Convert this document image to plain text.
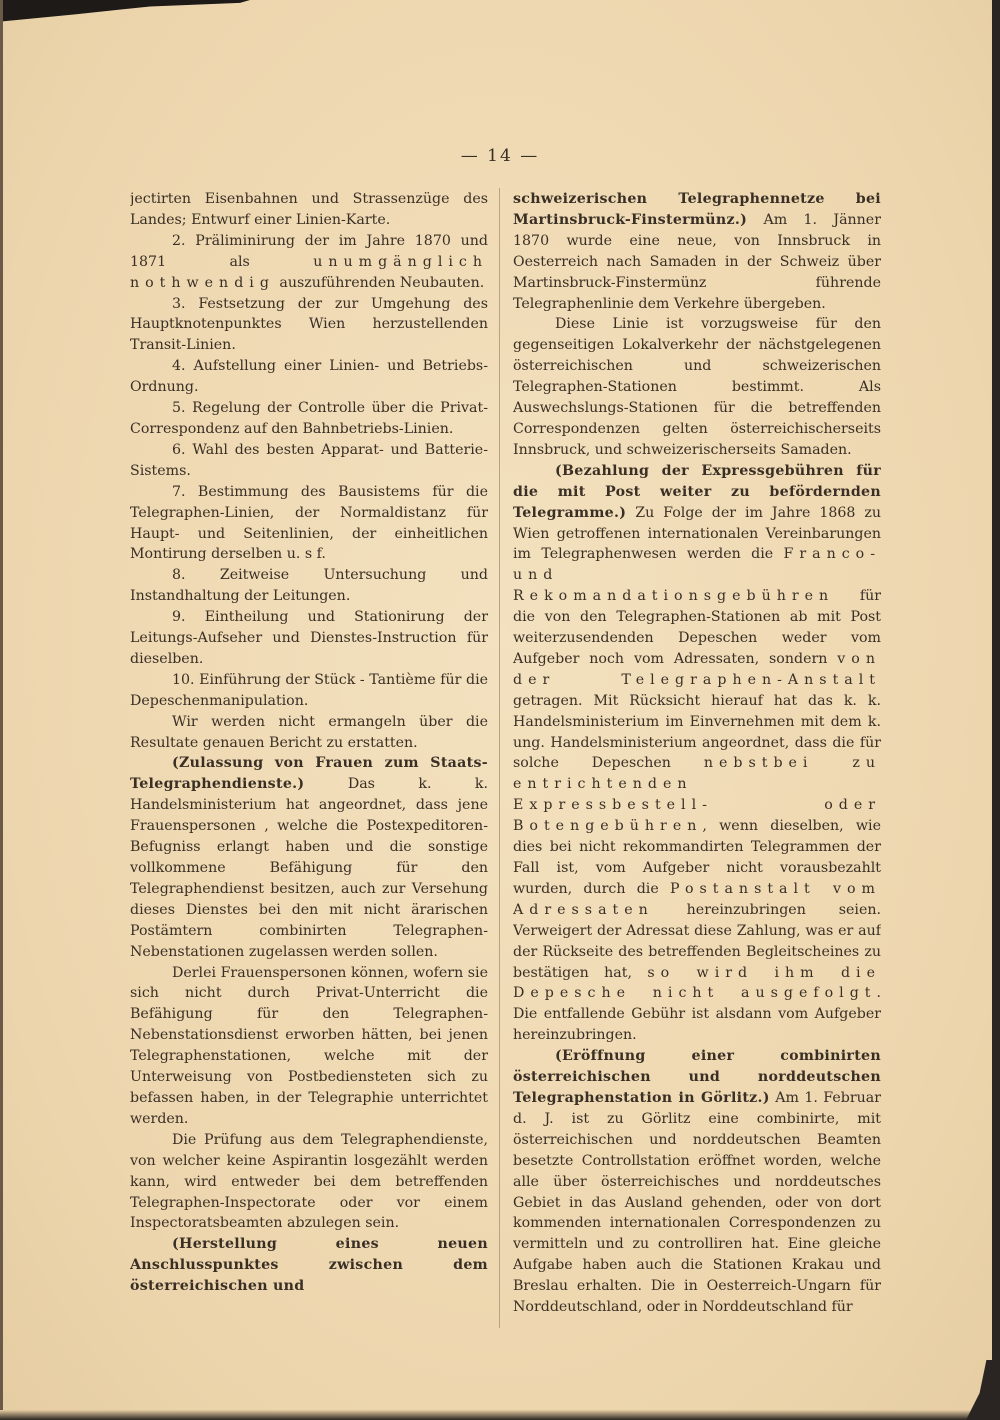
— 14 —

jectirten Eisenbahnen und Strassenzüge des Landes; Entwurf einer Linien-Karte.

2. Präliminirung der im Jahre 1870 und 1871 als unumgänglich nothwendig auszuführenden Neubauten.

3. Festsetzung der zur Umgehung des Hauptknotenpunktes Wien herzustellenden Transit-Linien.

4. Aufstellung einer Linien- und Betriebs-Ordnung.

5. Regelung der Controlle über die Privat-Correspondenz auf den Bahnbetriebs-Linien.

6. Wahl des besten Apparat- und Batterie-Sistems.

7. Bestimmung des Bausistems für die Telegraphen-Linien, der Normaldistanz für Haupt- und Seitenlinien, der einheitlichen Montirung derselben u. s f.

8. Zeitweise Untersuchung und Instandhaltung der Leitungen.

9. Eintheilung und Stationirung der Leitungs-Aufseher und Dienstes-Instruction für dieselben.

10. Einführung der Stück - Tantième für die Depeschenmanipulation.

Wir werden nicht ermangeln über die Resultate genauen Bericht zu erstatten.

(Zulassung von Frauen zum Staats-Telegraphendienste.) Das k. k. Handelsministerium hat angeordnet, dass jene Frauenspersonen , welche die Postexpeditoren-Befugniss erlangt haben und die sonstige vollkommene Befähigung für den Telegraphendienst besitzen, auch zur Versehung dieses Dienstes bei den mit nicht ärarischen Postämtern combinirten Telegraphen-Nebenstationen zugelassen werden sollen.

Derlei Frauenspersonen können, wofern sie sich nicht durch Privat-Unterricht die Befähigung für den Telegraphen-Nebenstationsdienst erworben hätten, bei jenen Telegraphenstationen, welche mit der Unterweisung von Postbediensteten sich zu befassen haben, in der Telegraphie unterrichtet werden.

Die Prüfung aus dem Telegraphendienste, von welcher keine Aspirantin losgezählt werden kann, wird entweder bei dem betreffenden Telegraphen-Inspectorate oder vor einem Inspectoratsbeamten abzulegen sein.

(Herstellung eines neuen Anschlusspunktes zwischen dem österreichischen und

schweizerischen Telegraphennetze bei Martinsbruck-Finstermünz.) Am 1. Jänner 1870 wurde eine neue, von Innsbruck in Oesterreich nach Samaden in der Schweiz über Martinsbruck-Finstermünz führende Telegraphenlinie dem Verkehre übergeben.

Diese Linie ist vorzugsweise für den gegenseitigen Lokalverkehr der nächstgelegenen österreichischen und schweizerischen Telegraphen-Stationen bestimmt. Als Auswechslungs-Stationen für die betreffenden Correspondenzen gelten österreichischerseits Innsbruck, und schweizerischerseits Samaden.

(Bezahlung der Expressgebühren für die mit Post weiter zu befördernden Telegramme.) Zu Folge der im Jahre 1868 zu Wien getroffenen internationalen Vereinbarungen im Telegraphenwesen werden die Franco- und Rekomandationsgebühren für die von den Telegraphen-Stationen ab mit Post weiterzusendenden Depeschen weder vom Aufgeber noch vom Adressaten, sondern von der Telegraphen-Anstalt getragen. Mit Rücksicht hierauf hat das k. k. Handelsministerium im Einvernehmen mit dem k. ung. Handelsministerium angeordnet, dass die für solche Depeschen nebstbei zu entrichtenden Expressbestell- oder Botengebühren, wenn dieselben, wie dies bei nicht rekommandirten Telegrammen der Fall ist, vom Aufgeber nicht vorausbezahlt wurden, durch die Postanstalt vom Adressaten hereinzubringen seien. Verweigert der Adressat diese Zahlung, was er auf der Rückseite des betreffenden Begleitscheines zu bestätigen hat, so wird ihm die Depesche nicht ausgefolgt. Die entfallende Gebühr ist alsdann vom Aufgeber hereinzubringen.

(Eröffnung einer combinirten österreichischen und norddeutschen Telegraphenstation in Görlitz.) Am 1. Februar d. J. ist zu Görlitz eine combinirte, mit österreichischen und norddeutschen Beamten besetzte Controllstation eröffnet worden, welche alle über österreichisches und norddeutsches Gebiet in das Ausland gehenden, oder von dort kommenden internationalen Correspondenzen zu vermitteln und zu controlliren hat. Eine gleiche Aufgabe haben auch die Stationen Krakau und Breslau erhalten. Die in Oesterreich-Ungarn für Norddeutschland, oder in Norddeutschland für
